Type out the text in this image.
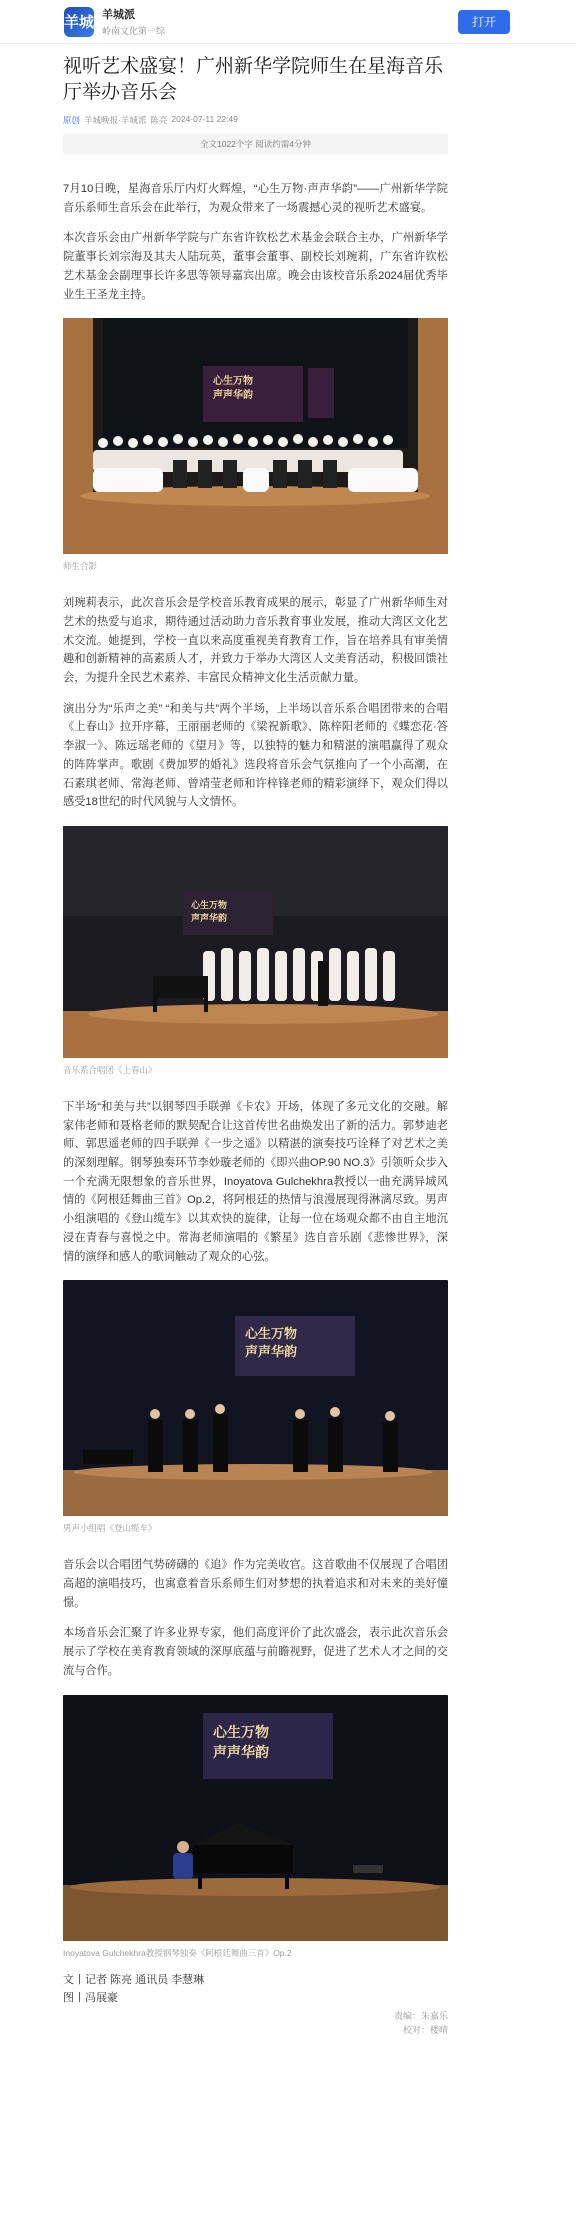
羊城 羊城派
岭南文化第一综
打开
视听艺术盛宴！广州新华学院师生在星海音乐厅举办音乐会
原创 羊城晚报·羊城派 陈亮 2024-07-11 22:49
全文1022个字 阅读约需4分钟

7月10日晚，星海音乐厅内灯火辉煌，“心生万物·声声华韵”——广州新华学院音乐系师生音乐会在此举行，为观众带来了一场震撼心灵的视听艺术盛宴。

本次音乐会由广州新华学院与广东省许钦松艺术基金会联合主办，广州新华学院董事长刘宗海及其夫人陆玩英，董事会董事、副校长刘琬莉，广东省许钦松艺术基金会副理事长许多思等领导嘉宾出席。晚会由该校音乐系2024届优秀毕业生王圣龙主持。

心生万物
声声华韵
师生合影

刘琬莉表示，此次音乐会是学校音乐教育成果的展示，彰显了广州新华师生对艺术的热爱与追求，期待通过活动助力音乐教育事业发展，推动大湾区文化艺术交流。她提到，学校一直以来高度重视美育教育工作，旨在培养具有审美情趣和创新精神的高素质人才，并致力于举办大湾区人文美育活动，积极回馈社会，为提升全民艺术素养、丰富民众精神文化生活贡献力量。

演出分为“乐声之美” “和美与共”两个半场，上半场以音乐系合唱团带来的合唱《上春山》拉开序幕，王丽丽老师的《梁祝新歌》、陈梓阳老师的《蝶恋花·答李淑一》、陈远瑶老师的《望月》等，以独特的魅力和精湛的演唱赢得了观众的阵阵掌声。歌剧《费加罗的婚礼》选段将音乐会气氛推向了一个小高潮，在石素琪老师、常海老师、曾靖莹老师和许梓锋老师的精彩演绎下，观众们得以感受18世纪的时代风貌与人文情怀。

心生万物
声声华韵
音乐系合唱团《上春山》

下半场“和美与共”以钢琴四手联弹《卡农》开场，体现了多元文化的交融。解家伟老师和聂格老师的默契配合让这首传世名曲焕发出了新的活力。郭梦迪老师、郭思遥老师的四手联弹《一步之遥》以精湛的演奏技巧诠释了对艺术之美的深刻理解。钢琴独奏环节李妙璇老师的《即兴曲OP.90 NO.3》引领听众步入一个充满无限想象的音乐世界，Inoyatova Gulchekhra教授以一曲充满异域风情的《阿根廷舞曲三首》Op.2，将阿根廷的热情与浪漫展现得淋漓尽致。男声小组演唱的《登山缆车》以其欢快的旋律，让每一位在场观众都不由自主地沉浸在青春与喜悦之中。常海老师演唱的《繁星》选自音乐剧《悲惨世界》，深情的演绎和感人的歌词触动了观众的心弦。

心生万物
声声华韵
男声小组唱《登山缆车》

音乐会以合唱团气势磅礴的《追》作为完美收官。这首歌曲不仅展现了合唱团高超的演唱技巧，也寓意着音乐系师生们对梦想的执着追求和对未来的美好憧憬。

本场音乐会汇聚了许多业界专家，他们高度评价了此次盛会，表示此次音乐会展示了学校在美育教育领域的深厚底蕴与前瞻视野，促进了艺术人才之间的交流与合作。

心生万物
声声华韵
Inoyatova Gulchekhra教授钢琴独奏《阿根廷舞曲三首》Op.2
文丨记者 陈亮 通讯员 李慧琳
图丨冯展豪
责编：朱嘉乐
校对：楼晴
